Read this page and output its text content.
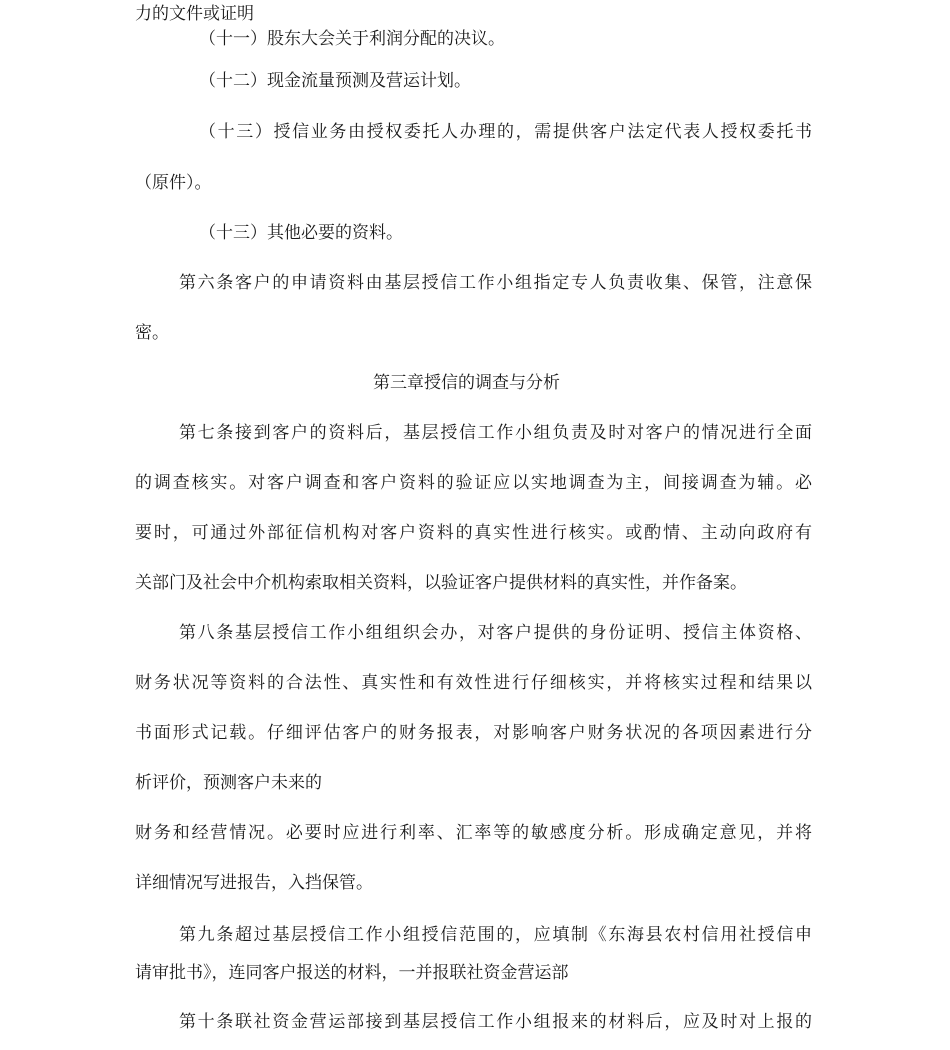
力的文件或证明

（十一）股东大会关于利润分配的决议。

（十二）现金流量预测及营运计划。

（十三）授信业务由授权委托人办理的，需提供客户法定代表人授权委托书

（原件）。

（十三）其他必要的资料。

第六条客户的申请资料由基层授信工作小组指定专人负责收集、保管，注意保

密。

第三章授信的调查与分析

第七条接到客户的资料后，基层授信工作小组负责及时对客户的情况进行全面

的调查核实。对客户调查和客户资料的验证应以实地调查为主，间接调查为辅。必

要时，可通过外部征信机构对客户资料的真实性进行核实。或酌情、主动向政府有

关部门及社会中介机构索取相关资料，以验证客户提供材料的真实性，并作备案。

第八条基层授信工作小组组织会办，对客户提供的身份证明、授信主体资格、

财务状况等资料的合法性、真实性和有效性进行仔细核实，并将核实过程和结果以

书面形式记载。仔细评估客户的财务报表，对影响客户财务状况的各项因素进行分

析评价，预测客户未来的

财务和经营情况。必要时应进行利率、汇率等的敏感度分析。形成确定意见，并将

详细情况写进报告，入挡保管。

第九条超过基层授信工作小组授信范围的，应填制《东海县农村信用社授信申

请审批书》，连同客户报送的材料，一并报联社资金营运部

第十条联社资金营运部接到基层授信工作小组报来的材料后，应及时对上报的
